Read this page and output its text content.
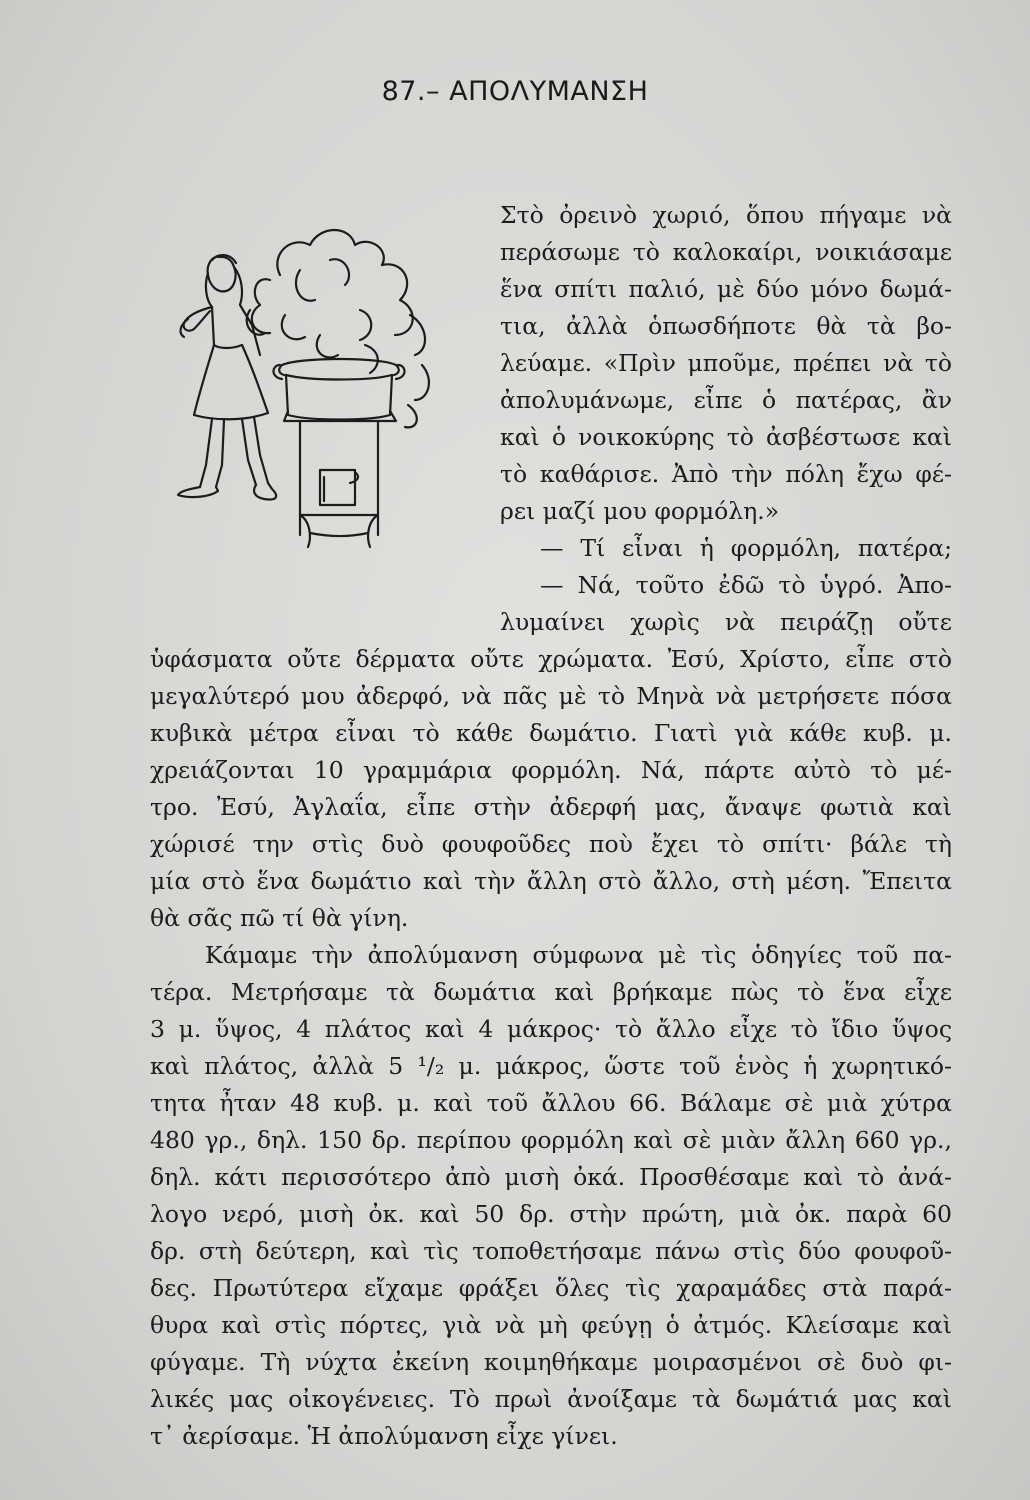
87.– ΑΠΟΛΥΜΑΝΣΗ
Στὸ ὀρεινὸ χωριό, ὅπου πήγαμε νὰ
περάσωμε τὸ καλοκαίρι, νοικιάσαμε
ἕνα σπίτι παλιό, μὲ δύο μόνο δωμά-
τια, ἀλλὰ ὁπωσδήποτε θὰ τὰ βο-
λεύαμε. «Πρὶν μποῦμε, πρέπει νὰ τὸ
ἀπολυμάνωμε, εἶπε ὁ πατέρας, ἂν
καὶ ὁ νοικοκύρης τὸ ἀσβέστωσε καὶ
τὸ καθάρισε. Ἀπὸ τὴν πόλη ἔχω φέ-
ρει μαζί μου φορμόλη.»
— Τί εἶναι ἡ φορμόλη, πατέρα;
— Νά, τοῦτο ἐδῶ τὸ ὑγρό. Ἀπο-
λυμαίνει χωρὶς νὰ πειράζῃ οὔτε
ὑφάσματα οὔτε δέρματα οὔτε χρώματα. Ἐσύ, Χρίστο, εἶπε στὸ
μεγαλύτερό μου ἀδερφό, νὰ πᾶς μὲ τὸ Μηνὰ νὰ μετρήσετε πόσα
κυβικὰ μέτρα εἶναι τὸ κάθε δωμάτιο. Γιατὶ γιὰ κάθε κυβ. μ.
χρειάζονται 10 γραμμάρια φορμόλη. Νά, πάρτε αὐτὸ τὸ μέ-
τρο. Ἐσύ, Ἀγλαΐα, εἶπε στὴν ἀδερφή μας, ἄναψε φωτιὰ καὶ
χώρισέ την στὶς δυὸ φουφοῦδες ποὺ ἔχει τὸ σπίτι· βάλε τὴ
μία στὸ ἕνα δωμάτιο καὶ τὴν ἄλλη στὸ ἄλλο, στὴ μέση. Ἔπειτα
θὰ σᾶς πῶ τί θὰ γίνη.
Κάμαμε τὴν ἀπολύμανση σύμφωνα μὲ τὶς ὁδηγίες τοῦ πα-
τέρα. Μετρήσαμε τὰ δωμάτια καὶ βρήκαμε πὼς τὸ ἕνα εἶχε
3 μ. ὕψος, 4 πλάτος καὶ 4 μάκρος· τὸ ἄλλο εἶχε τὸ ἴδιο ὕψος
καὶ πλάτος, ἀλλὰ 5 ¹/₂ μ. μάκρος, ὥστε τοῦ ἑνὸς ἡ χωρητικό-
τητα ἦταν 48 κυβ. μ. καὶ τοῦ ἄλλου 66. Βάλαμε σὲ μιὰ χύτρα
480 γρ., δηλ. 150 δρ. περίπου φορμόλη καὶ σὲ μιὰν ἄλλη 660 γρ.,
δηλ. κάτι περισσότερο ἀπὸ μισὴ ὀκά. Προσθέσαμε καὶ τὸ ἀνά-
λογο νερό, μισὴ ὀκ. καὶ 50 δρ. στὴν πρώτη, μιὰ ὀκ. παρὰ 60
δρ. στὴ δεύτερη, καὶ τὶς τοποθετήσαμε πάνω στὶς δύο φουφοῦ-
δες. Πρωτύτερα εἴχαμε φράξει ὅλες τὶς χαραμάδες στὰ παρά-
θυρα καὶ στὶς πόρτες, γιὰ νὰ μὴ φεύγῃ ὁ ἀτμός. Κλείσαμε καὶ
φύγαμε. Τὴ νύχτα ἐκείνη κοιμηθήκαμε μοιρασμένοι σὲ δυὸ φι-
λικές μας οἰκογένειες. Τὸ πρωὶ ἀνοίξαμε τὰ δωμάτιά μας καὶ
τ᾿ ἀερίσαμε. Ἡ ἀπολύμανση εἶχε γίνει.
